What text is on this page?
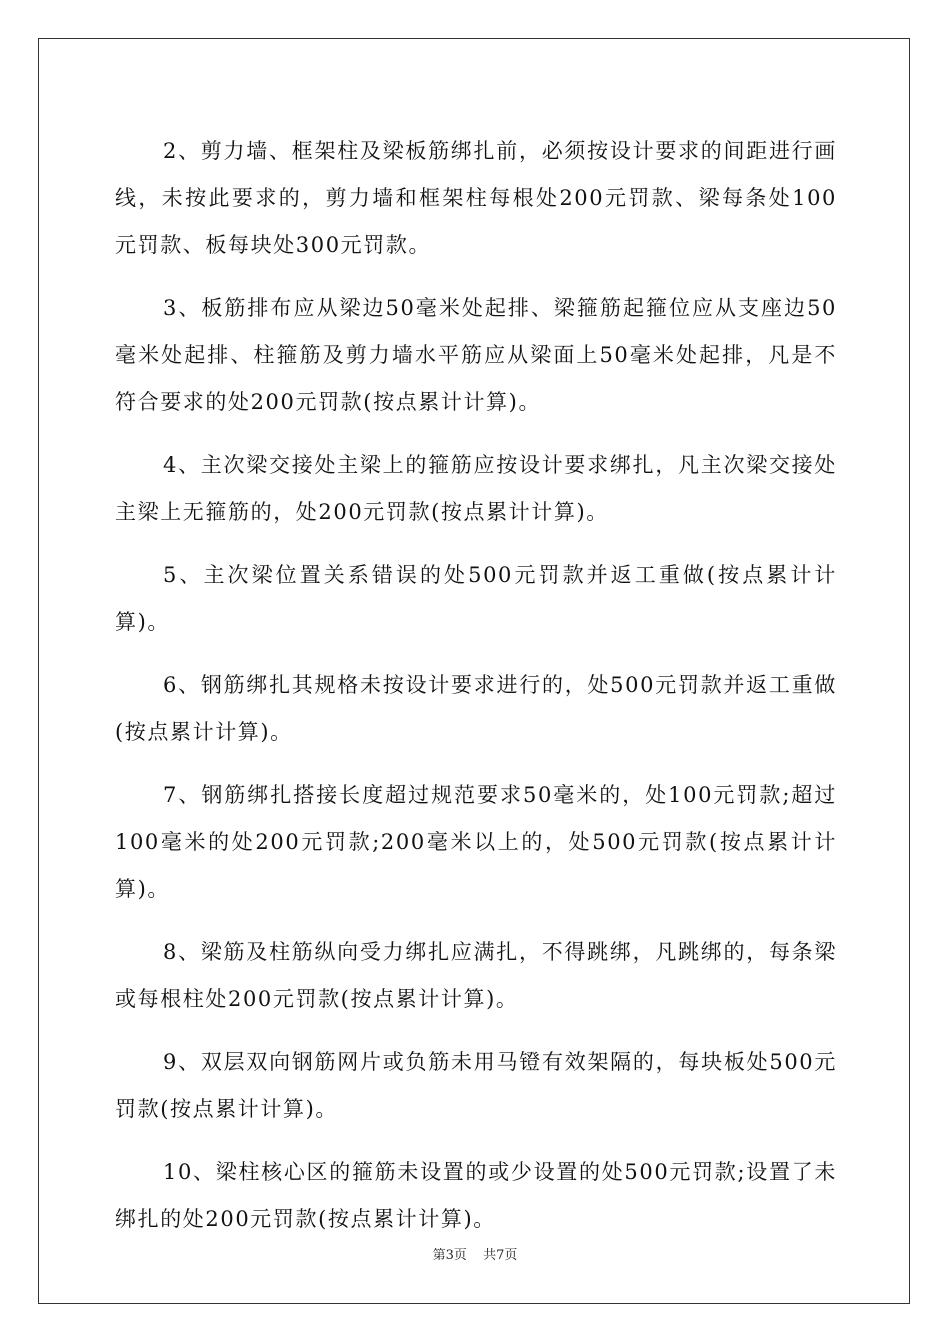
2、剪力墙、框架柱及梁板筋绑扎前，必须按设计要求的间距进行画线，未按此要求的，剪力墙和框架柱每根处200元罚款、梁每条处100元罚款、板每块处300元罚款。

3、板筋排布应从梁边50毫米处起排、梁箍筋起箍位应从支座边50毫米处起排、柱箍筋及剪力墙水平筋应从梁面上50毫米处起排，凡是不符合要求的处200元罚款(按点累计计算)。

4、主次梁交接处主梁上的箍筋应按设计要求绑扎，凡主次梁交接处主梁上无箍筋的，处200元罚款(按点累计计算)。

5、主次梁位置关系错误的处500元罚款并返工重做(按点累计计算)。

6、钢筋绑扎其规格未按设计要求进行的，处500元罚款并返工重做(按点累计计算)。

7、钢筋绑扎搭接长度超过规范要求50毫米的，处100元罚款;超过100毫米的处200元罚款;200毫米以上的，处500元罚款(按点累计计算)。

8、梁筋及柱筋纵向受力绑扎应满扎，不得跳绑，凡跳绑的，每条梁或每根柱处200元罚款(按点累计计算)。

9、双层双向钢筋网片或负筋未用马镫有效架隔的，每块板处500元罚款(按点累计计算)。

10、梁柱核心区的箍筋未设置的或少设置的处500元罚款;设置了未绑扎的处200元罚款(按点累计计算)。

第3页 共7页
